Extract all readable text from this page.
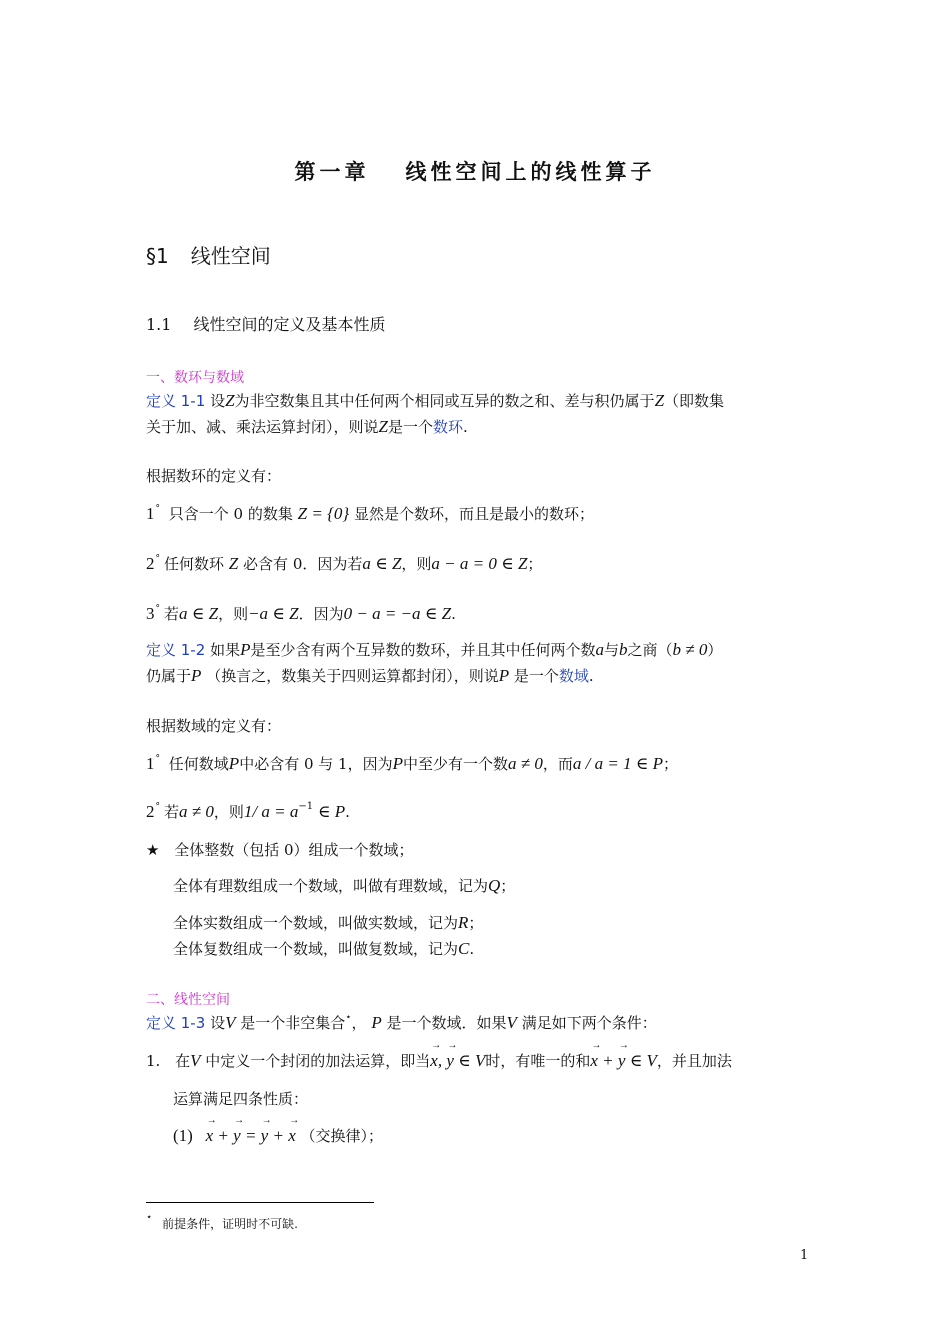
第一章 线性空间上的线性算子
§1 线性空间
1.1 线性空间的定义及基本性质
一、数环与数域
定义 1-1 设Z为非空数集且其中任何两个相同或互异的数之和、差与积仍属于Z（即数集
关于加、减、乘法运算封闭），则说Z是一个数环.
根据数环的定义有：
1° 只含一个 0 的数集 Z = {0} 显然是个数环，而且是最小的数环；
2° 任何数环 Z 必含有 0．因为若a ∈ Z，则a − a = 0 ∈ Z；
3° 若a ∈ Z，则−a ∈ Z．因为0 − a = −a ∈ Z.
定义 1-2 如果P是至少含有两个互异数的数环，并且其中任何两个数a与b之商（b ≠ 0）
仍属于P （换言之，数集关于四则运算都封闭），则说P 是一个数域.
根据数域的定义有：
1° 任何数域P中必含有 0 与 1，因为P中至少有一个数a ≠ 0，而a / a = 1 ∈ P；
2° 若a ≠ 0，则1/ $a = a^{-1}$ ∈ P.
★ 全体整数（包括 0）组成一个数域；
全体有理数组成一个数域，叫做有理数域，记为Q；
全体实数组成一个数域，叫做实数域，记为R；
全体复数组成一个数域，叫做复数域，记为C.
二、线性空间
定义 1-3 设V 是一个非空集合⋆， P 是一个数域．如果V 满足如下两个条件：
1. 在V 中定义一个封闭的加法运算，即当→ x, → y ∈ V时，有唯一的和→ x + → y ∈ V，并且加法
运算满足四条性质：
(1) → x + → y = → y + → x （交换律）；
⋆ 前提条件，证明时不可缺.
1
